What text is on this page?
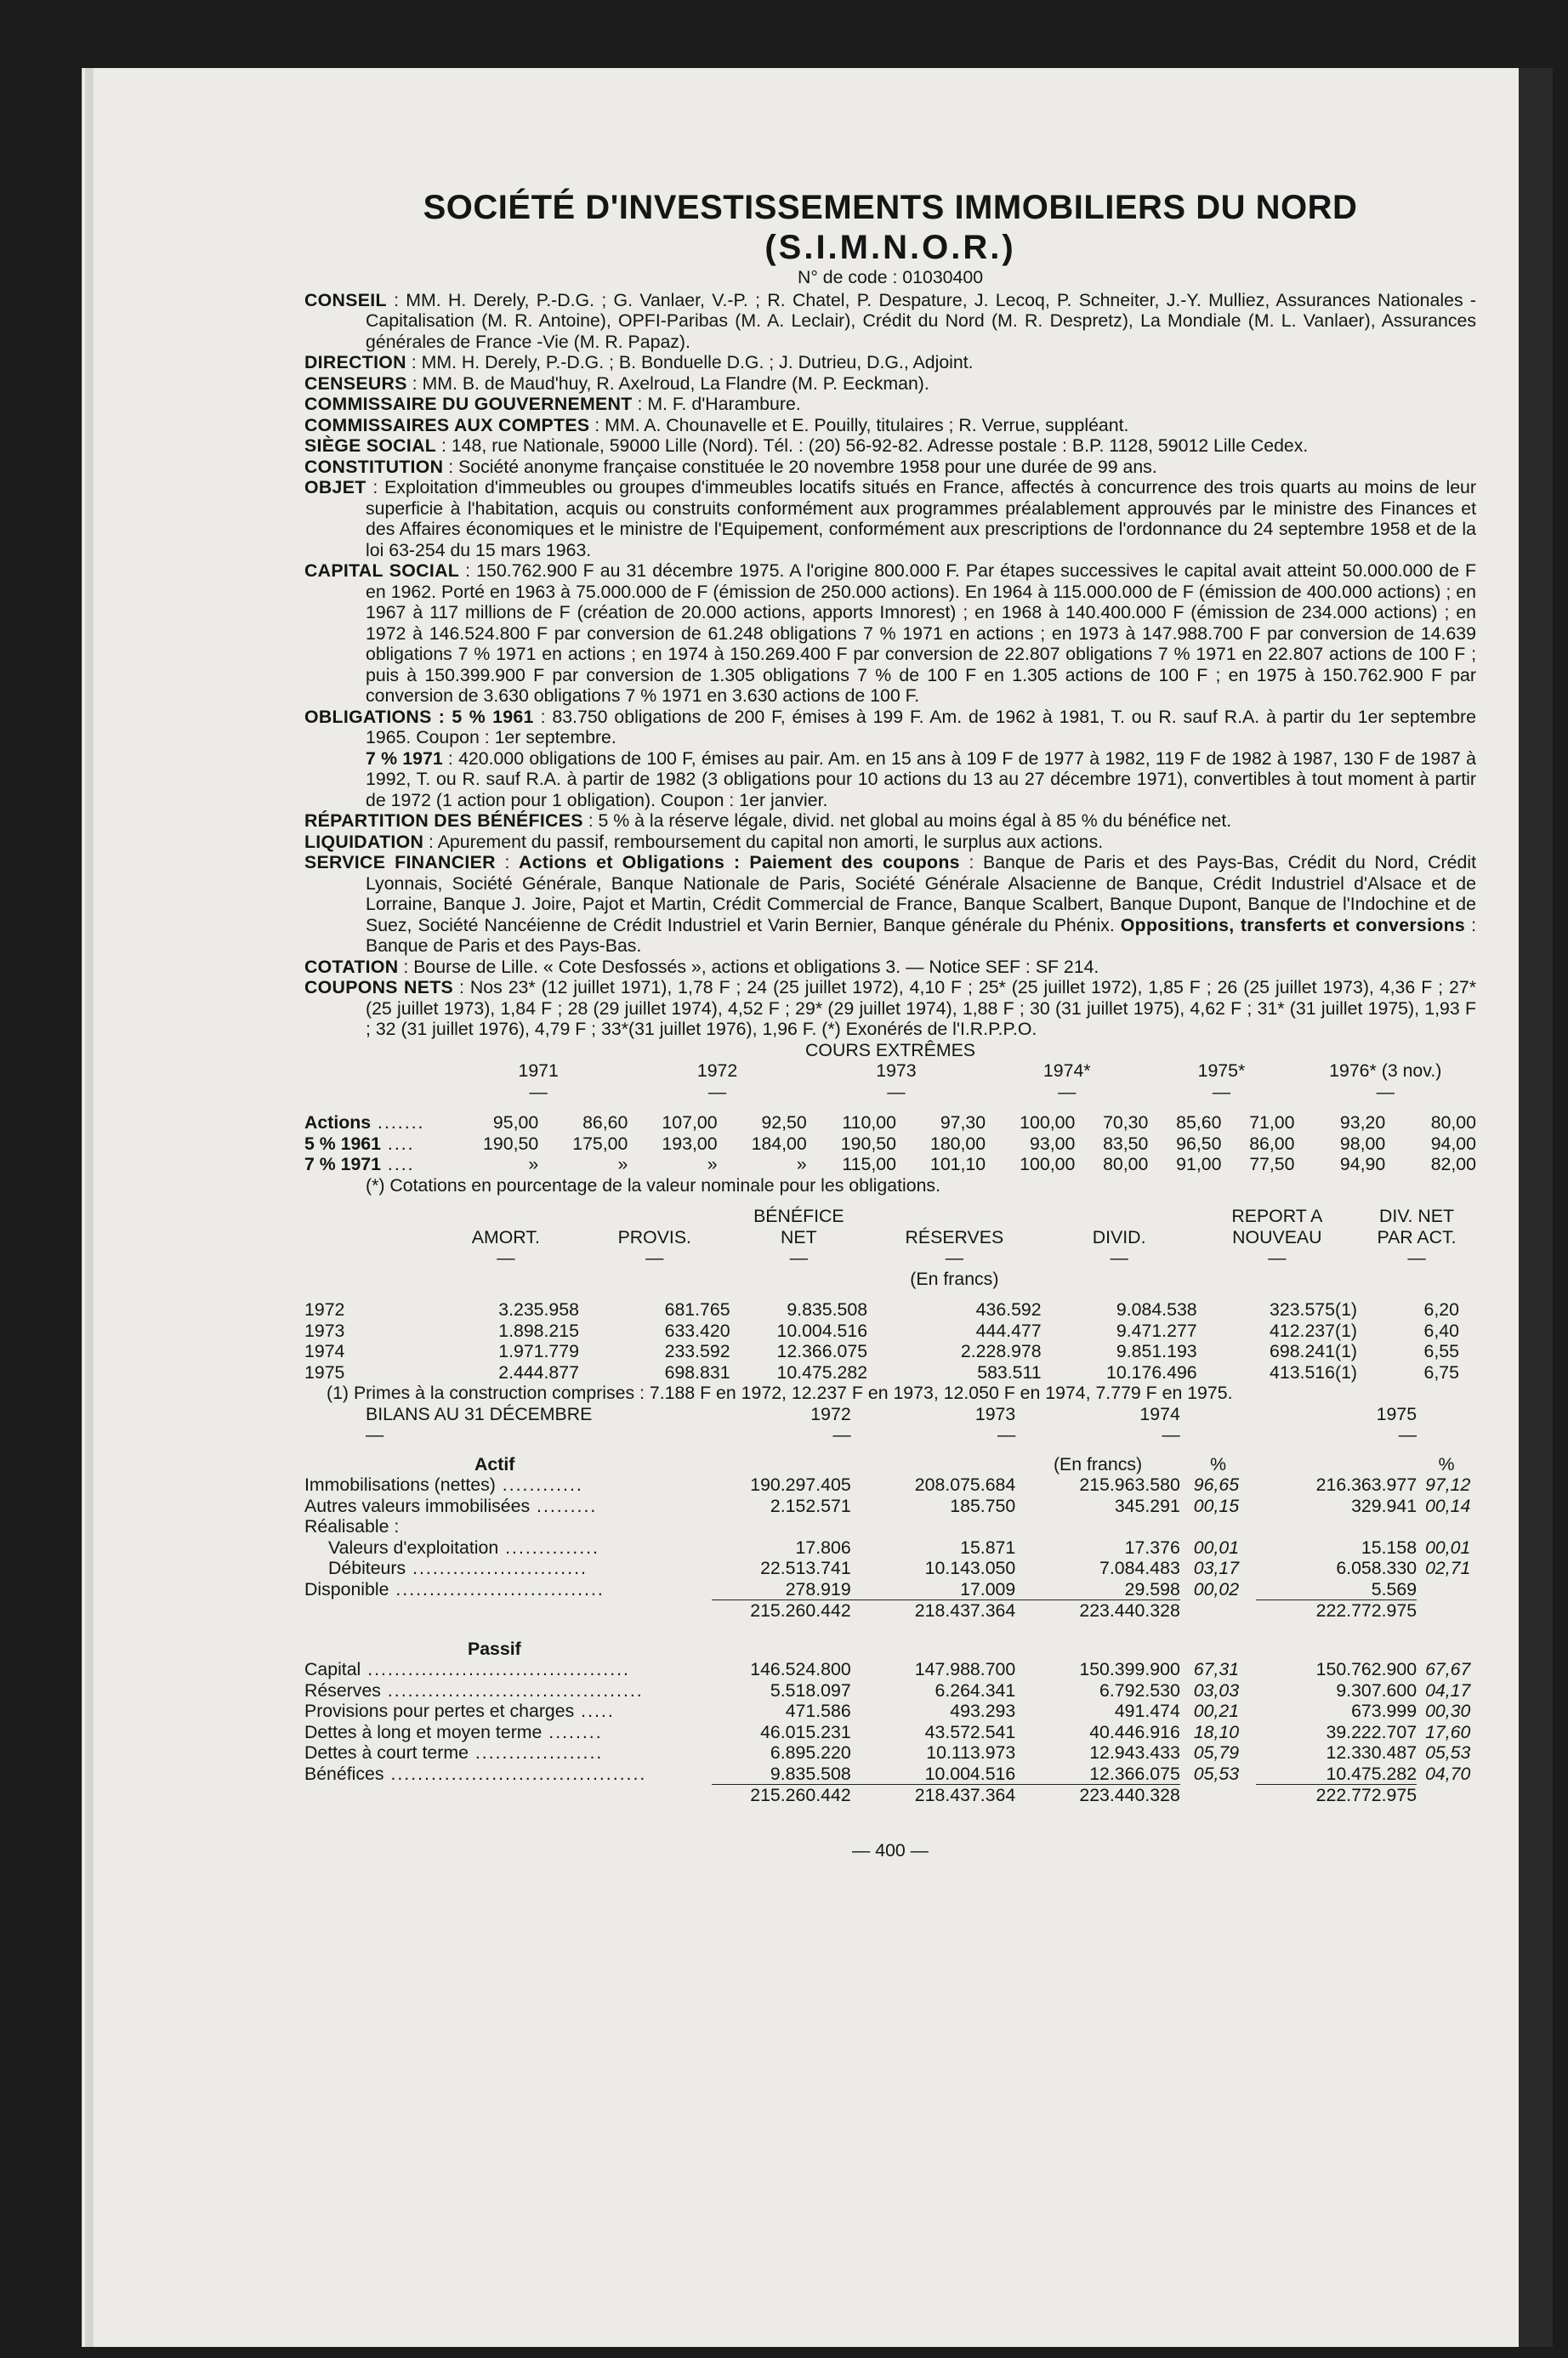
SOCIÉTÉ D'INVESTISSEMENTS IMMOBILIERS DU NORD

(S.I.M.N.O.R.)

N° de code : 01030400

CONSEIL : MM. H. Derely, P.-D.G. ; G. Vanlaer, V.-P. ; R. Chatel, P. Despature, J. Lecoq, P. Schneiter, J.-Y. Mulliez, Assurances Nationales - Capitalisation (M. R. Antoine), OPFI-Paribas (M. A. Leclair), Crédit du Nord (M. R. Despretz), La Mondiale (M. L. Vanlaer), Assurances générales de France -Vie (M. R. Papaz).

DIRECTION : MM. H. Derely, P.-D.G. ; B. Bonduelle D.G. ; J. Dutrieu, D.G., Adjoint.

CENSEURS : MM. B. de Maud'huy, R. Axelroud, La Flandre (M. P. Eeckman).

COMMISSAIRE DU GOUVERNEMENT : M. F. d'Harambure.

COMMISSAIRES AUX COMPTES : MM. A. Chounavelle et E. Pouilly, titulaires ; R. Verrue, suppléant.

SIÈGE SOCIAL : 148, rue Nationale, 59000 Lille (Nord). Tél. : (20) 56-92-82. Adresse postale : B.P. 1128, 59012 Lille Cedex.

CONSTITUTION : Société anonyme française constituée le 20 novembre 1958 pour une durée de 99 ans.

OBJET : Exploitation d'immeubles ou groupes d'immeubles locatifs situés en France, affectés à concurrence des trois quarts au moins de leur superficie à l'habitation, acquis ou construits conformément aux programmes préalablement approuvés par le ministre des Finances et des Affaires économiques et le ministre de l'Equipement, conformément aux prescriptions de l'ordonnance du 24 septembre 1958 et de la loi 63-254 du 15 mars 1963.

CAPITAL SOCIAL : 150.762.900 F au 31 décembre 1975. A l'origine 800.000 F. Par étapes successives le capital avait atteint 50.000.000 de F en 1962. Porté en 1963 à 75.000.000 de F (émission de 250.000 actions). En 1964 à 115.000.000 de F (émission de 400.000 actions) ; en 1967 à 117 millions de F (création de 20.000 actions, apports Imnorest) ; en 1968 à 140.400.000 F (émission de 234.000 actions) ; en 1972 à 146.524.800 F par conversion de 61.248 obligations 7 % 1971 en actions ; en 1973 à 147.988.700 F par conversion de 14.639 obligations 7 % 1971 en actions ; en 1974 à 150.269.400 F par conversion de 22.807 obligations 7 % 1971 en 22.807 actions de 100 F ; puis à 150.399.900 F par conversion de 1.305 obligations 7 % de 100 F en 1.305 actions de 100 F ; en 1975 à 150.762.900 F par conversion de 3.630 obligations 7 % 1971 en 3.630 actions de 100 F.

OBLIGATIONS : 5 % 1961 : 83.750 obligations de 200 F, émises à 199 F. Am. de 1962 à 1981, T. ou R. sauf R.A. à partir du 1er septembre 1965. Coupon : 1er septembre.

7 % 1971 : 420.000 obligations de 100 F, émises au pair. Am. en 15 ans à 109 F de 1977 à 1982, 119 F de 1982 à 1987, 130 F de 1987 à 1992, T. ou R. sauf R.A. à partir de 1982 (3 obligations pour 10 actions du 13 au 27 décembre 1971), convertibles à tout moment à partir de 1972 (1 action pour 1 obligation). Coupon : 1er janvier.

RÉPARTITION DES BÉNÉFICES : 5 % à la réserve légale, divid. net global au moins égal à 85 % du bénéfice net.

LIQUIDATION : Apurement du passif, remboursement du capital non amorti, le surplus aux actions.

SERVICE FINANCIER : Actions et Obligations : Paiement des coupons : Banque de Paris et des Pays-Bas, Crédit du Nord, Crédit Lyonnais, Société Générale, Banque Nationale de Paris, Société Générale Alsacienne de Banque, Crédit Industriel d'Alsace et de Lorraine, Banque J. Joire, Pajot et Martin, Crédit Commercial de France, Banque Scalbert, Banque Dupont, Banque de l'Indochine et de Suez, Société Nancéienne de Crédit Industriel et Varin Bernier, Banque générale du Phénix. Oppositions, transferts et conversions : Banque de Paris et des Pays-Bas.

COTATION : Bourse de Lille. « Cote Desfossés », actions et obligations 3. — Notice SEF : SF 214.

COUPONS NETS : Nos 23* (12 juillet 1971), 1,78 F ; 24 (25 juillet 1972), 4,10 F ; 25* (25 juillet 1972), 1,85 F ; 26 (25 juillet 1973), 4,36 F ; 27* (25 juillet 1973), 1,84 F ; 28 (29 juillet 1974), 4,52 F ; 29* (29 juillet 1974), 1,88 F ; 30 (31 juillet 1975), 4,62 F ; 31* (31 juillet 1975), 1,93 F ; 32 (31 juillet 1976), 4,79 F ; 33*(31 juillet 1976), 1,96 F. (*) Exonérés de l'I.R.P.P.O.

COURS EXTRÊMES
	1971		1972		1973		1974*		1975*		1976* (3 nov.)	
	—		—		—		—		—		—	

Actions .......	95,00	86,60	107,00	92,50	110,00	97,30	100,00	70,30	85,60	71,00	93,20	80,00
5 % 1961 ....	190,50	175,00	193,00	184,00	190,50	180,00	93,00	83,50	96,50	86,00	98,00	94,00
7 % 1971 ....	»	»	»	»	115,00	101,10	100,00	80,00	91,00	77,50	94,90	82,00
(*) Cotations en pourcentage de la valeur nominale pour les obligations.
			BÉNÉFICE			REPORT A	DIV. NET
	AMORT.	PROVIS.	NET	RÉSERVES	DIVID.	NOUVEAU	PAR ACT.
	—	—	—	—	—	—	—
	(En francs)						

1972	3.235.958	681.765	9.835.508	436.592	9.084.538	323.575(1)	6,20
1973	1.898.215	633.420	10.004.516	444.477	9.471.277	412.237(1)	6,40
1974	1.971.779	233.592	12.366.075	2.228.978	9.851.193	698.241(1)	6,55
1975	2.444.877	698.831	10.475.282	583.511	10.176.496	413.516(1)	6,75
(1) Primes à la construction comprises : 7.188 F en 1972, 12.237 F en 1973, 12.050 F en 1974, 7.779 F en 1975.
BILANS AU 31 DÉCEMBRE	1972	1973	1974		1975	
—	—	—	—		—	

Actif			(En francs)	%		%
Immobilisations (nettes) ............	190.297.405	208.075.684	215.963.580	96,65	216.363.977	97,12
Autres valeurs immobilisées .........	2.152.571	185.750	345.291	00,15	329.941	00,14
Réalisable :						
Valeurs d'exploitation ..............	17.806	15.871	17.376	00,01	15.158	00,01
Débiteurs ..........................	22.513.741	10.143.050	7.084.483	03,17	6.058.330	02,71
Disponible ...............................	278.919	17.009	29.598	00,02	5.569	

	215.260.442	218.437.364	223.440.328		222.772.975	

Passif						
Capital .......................................	146.524.800	147.988.700	150.399.900	67,31	150.762.900	67,67
Réserves ......................................	5.518.097	6.264.341	6.792.530	03,03	9.307.600	04,17
Provisions pour pertes et charges .....	471.586	493.293	491.474	00,21	673.999	00,30
Dettes à long et moyen terme ........	46.015.231	43.572.541	40.446.916	18,10	39.222.707	17,60
Dettes à court terme ...................	6.895.220	10.113.973	12.943.433	05,79	12.330.487	05,53
Bénéfices ......................................	9.835.508	10.004.516	12.366.075	05,53	10.475.282	04,70

	215.260.442	218.437.364	223.440.328		222.772.975	
— 400 —
